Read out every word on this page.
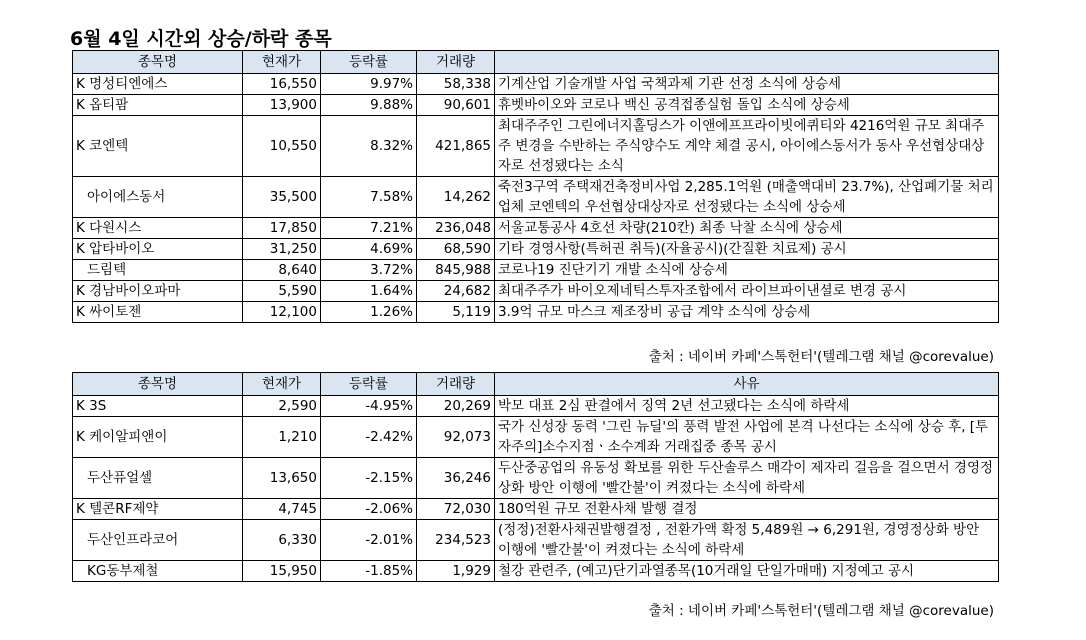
6월 4일 시간외 상승/하락 종목
종목명	현재가	등락률	거래량	
K 명성티엔에스	16,550	9.97%	58,338	기계산업 기술개발 사업 국책과제 기관 선정 소식에 상승세
K 옵티팜	13,900	9.88%	90,601	휴벳바이오와 코로나 백신 공격접종실험 돌입 소식에 상승세
K 코엔텍	10,550	8.32%	421,865	최대주주인 그린에너지홀딩스가 이앤에프프라이빗에퀴티와 4216억원 규모 최대주주 변경을 수반하는 주식양수도 계약 체결 공시, 아이에스동서가 동사 우선협상대상자로 선정됐다는 소식
아이에스동서	35,500	7.58%	14,262	죽전3구역 주택재건축정비사업 2,285.1억원 (매출액대비 23.7%), 산업폐기물 처리업체 코엔텍의 우선협상대상자로 선정됐다는 소식에 상승세
K 다원시스	17,850	7.21%	236,048	서울교통공사 4호선 차량(210칸) 최종 낙찰 소식에 상승세
K 압타바이오	31,250	4.69%	68,590	기타 경영사항(특허권 취득)(자율공시)(간질환 치료제) 공시
드림텍	8,640	3.72%	845,988	코로나19 진단기기 개발 소식에 상승세
K 경남바이오파마	5,590	1.64%	24,682	최대주주가 바이오제네틱스투자조합에서 라이브파이낸셜로 변경 공시
K 싸이토젠	12,100	1.26%	5,119	3.9억 규모 마스크 제조장비 공급 계약 소식에 상승세
출처 : 네이버 카페'스톡헌터'(텔레그램 채널 @corevalue)
종목명	현재가	등락률	거래량	사유
K 3S	2,590	-4.95%	20,269	박모 대표 2심 판결에서 징역 2년 선고됐다는 소식에 하락세
K 케이알피앤이	1,210	-2.42%	92,073	국가 신성장 동력 '그린 뉴딜'의 풍력 발전 사업에 본격 나선다는 소식에 상승 후, [투자주의]소수지점ㆍ소수계좌 거래집중 종목 공시
두산퓨얼셀	13,650	-2.15%	36,246	두산중공업의 유동성 확보를 위한 두산솔루스 매각이 제자리 걸음을 걸으면서 경영정상화 방안 이행에 '빨간불'이 켜졌다는 소식에 하락세
K 텔콘RF제약	4,745	-2.06%	72,030	180억원 규모 전환사채 발행 결정
두산인프라코어	6,330	-2.01%	234,523	(정정)전환사채권발행결정 , 전환가액 확정 5,489원 → 6,291원, 경영정상화 방안 이행에 '빨간불'이 켜졌다는 소식에 하락세
KG동부제철	15,950	-1.85%	1,929	철강 관련주, (예고)단기과열종목(10거래일 단일가매매) 지정예고 공시
출처 : 네이버 카페'스톡헌터'(텔레그램 채널 @corevalue)
